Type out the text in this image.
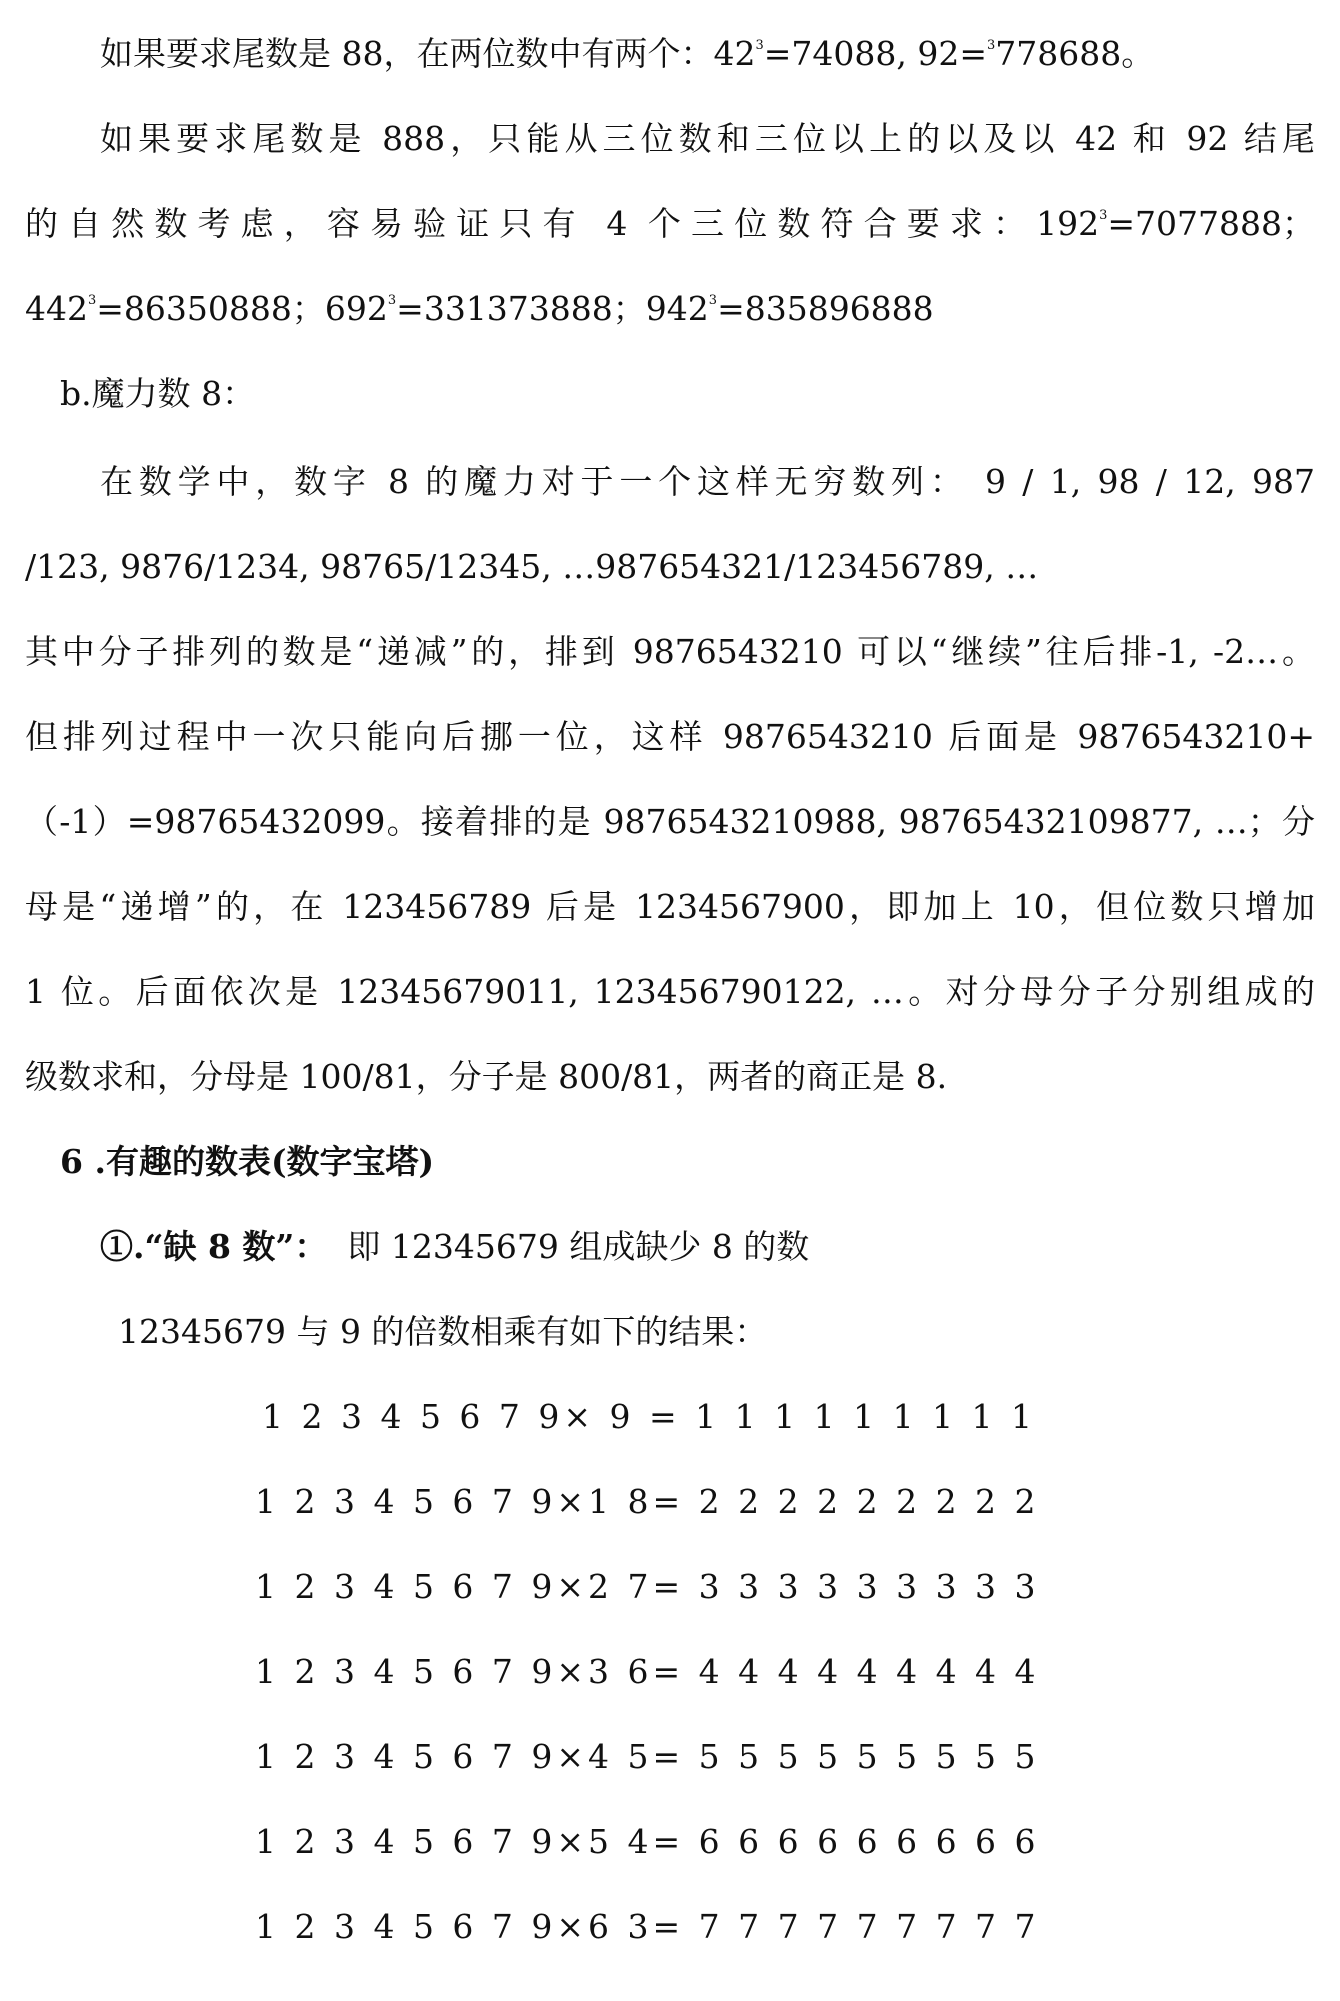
如果要求尾数是 88，在两位数中有两个：$42^3=74088$, 92=$^3$778688。
如果要求尾数是 888，只能从三位数和三位以上的以及以 42 和 92 结尾
的自然数考虑，容易验证只有 4 个三位数符合要求：$192^3=7077888$；
$442^3=86350888$；$692^3=331373888$；$942^3=835896888$
b.魔力数 8：
在数学中，数字 8 的魔力对于一个这样无穷数列： 9 / 1, 98 / 12, 987
/123, 9876/1234, 98765/12345, …987654321/123456789, …
其中分子排列的数是“递减”的，排到 9876543210 可以“继续”往后排-1, -2…。
但排列过程中一次只能向后挪一位，这样 9876543210 后面是 9876543210+
（-1）=98765432099。接着排的是 9876543210988, 98765432109877, …；分
母是“递增”的，在 123456789 后是 1234567900，即加上 10，但位数只增加
1 位。后面依次是 12345679011, 123456790122, …。对分母分子分别组成的
级数求和，分母是 100/81，分子是 800/81，两者的商正是 8.
6 .有趣的数表(数字宝塔)
①.“缺 8 数”： 即 12345679 组成缺少 8 的数
12345679 与 9 的倍数相乘有如下的结果：
1 2 3 4 5 6 7 9× 9 = 1 1 1 1 1 1 1 1 1
1 2 3 4 5 6 7 9×1 8= 2 2 2 2 2 2 2 2 2
1 2 3 4 5 6 7 9×2 7= 3 3 3 3 3 3 3 3 3
1 2 3 4 5 6 7 9×3 6= 4 4 4 4 4 4 4 4 4
1 2 3 4 5 6 7 9×4 5= 5 5 5 5 5 5 5 5 5
1 2 3 4 5 6 7 9×5 4= 6 6 6 6 6 6 6 6 6
1 2 3 4 5 6 7 9×6 3= 7 7 7 7 7 7 7 7 7
